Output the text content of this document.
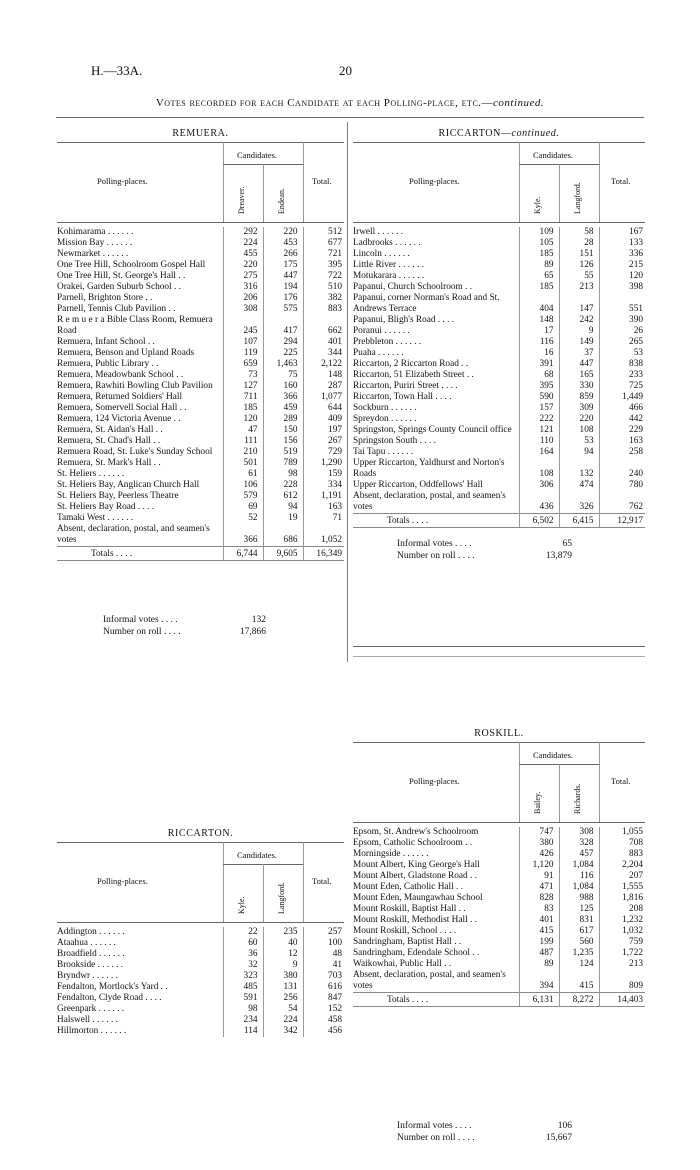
H.—33A.	20
Votes recorded for each Candidate at each Polling-place, etc.—continued.
REMUERA.
Polling-places.
Candidates.
Dreaver.	Endean.
Total.
Kohimarama . . . . . .	292	220	512
Mission Bay . . . . . .	224	453	677
Newmarket . . . . . .	455	266	721
One Tree Hill, Schoolroom Gospel Hall	220	175	395
One Tree Hill, St. George's Hall . .	275	447	722
Orakei, Garden Suburb School . .	316	194	510
Parnell, Brighton Store . .	206	176	382
Parnell, Tennis Club Pavilion . .	308	575	883
R e m u e r a Bible Class Room, Remuera Road	245	417	662
Remuera, Infant School . .	107	294	401
Remuera, Benson and Upland Roads	119	225	344
Remuera, Public Library . .	659	1,463	2,122
Remuera, Meadowbank School . .	73	75	148
Remuera, Rawhiti Bowling Club Pavilion	127	160	287
Remuera, Returned Soldiers' Hall	711	366	1,077
Remuera, Somervell Social Hall . .	185	459	644
Remuera, 124 Victoria Avenue . .	120	289	409
Remuera, St. Aidan's Hall . .	47	150	197
Remuera, St. Chad's Hall . .	111	156	267
Remuera Road, St. Luke's Sunday School	210	519	729
Remuera, St. Mark's Hall . .	501	789	1,290
St. Heliers . . . . . .	61	98	159
St. Heliers Bay, Anglican Church Hall	106	228	334
St. Heliers Bay, Peerless Theatre	579	612	1,191
St. Heliers Bay Road . . . .	69	94	163
Tamaki West . . . . . .	52	19	71
Absent, declaration, postal, and seamen's votes	366	686	1,052
Totals . . . .	6,744	9,605	16,349
Informal votes . . . .	132
Number on roll . . . .	17,866
RICCARTON—continued.
Polling-places.
Candidates.
Kyle.	Langford.
Total.
Irwell . . . . . .	109	58	167
Ladbrooks . . . . . .	105	28	133
Lincoln . . . . . .	185	151	336
Little River . . . . . .	89	126	215
Motukarara . . . . . .	65	55	120
Papanui, Church Schoolroom . .	185	213	398
Papanui, corner Norman's Road and St. Andrews Terrace	404	147	551
Papanui, Bligh's Road . . . .	148	242	390
Poranui . . . . . .	17	9	26
Prebbleton . . . . . .	116	149	265
Puaha . . . . . .	16	37	53
Riccarton, 2 Riccarton Road . .	391	447	838
Riccarton, 51 Elizabeth Street . .	68	165	233
Riccarton, Puriri Street . . . .	395	330	725
Riccarton, Town Hall . . . .	590	859	1,449
Sockburn . . . . . .	157	309	466
Spreydon . . . . . .	222	220	442
Springston, Springs County Council office	121	108	229
Springston South . . . .	110	53	163
Tai Tapu . . . . . .	164	94	258
Upper Riccarton, Yaldhurst and Norton's Roads	108	132	240
Upper Riccarton, Oddfellows' Hall	306	474	780
Absent, declaration, postal, and seamen's votes	436	326	762
Totals . . . .	6,502	6,415	12,917
Informal votes . . . .	65
Number on roll . . . .	13,879
RICCARTON.
Polling-places.
Candidates.
Kyle.	Langford.
Total.
Addington . . . . . .	22	235	257
Ataahua . . . . . .	60	40	100
Broadfield . . . . . .	36	12	48
Brookside . . . . . .	32	9	41
Bryndwr . . . . . .	323	380	703
Fendalton, Mortlock's Yard . .	485	131	616
Fendalton, Clyde Road . . . .	591	256	847
Greenpark . . . . . .	98	54	152
Halswell . . . . . .	234	224	458
Hillmorton . . . . . .	114	342	456
ROSKILL.
Polling-places.
Candidates.
Bailey.	Richards.
Total.
Epsom, St. Andrew's Schoolroom	747	308	1,055
Epsom, Catholic Schoolroom . .	380	328	708
Morningside . . . . . .	426	457	883
Mount Albert, King George's Hall	1,120	1,084	2,204
Mount Albert, Gladstone Road . .	91	116	207
Mount Eden, Catholic Hall . .	471	1,084	1,555
Mount Eden, Maungawhau School	828	988	1,816
Mount Roskill, Baptist Hall . .	83	125	208
Mount Roskill, Methodist Hall . .	401	831	1,232
Mount Roskill, School . . . .	415	617	1,032
Sandringham, Baptist Hall . .	199	560	759
Sandringham, Edendale School . .	487	1,235	1,722
Waikowhai, Public Hall . .	89	124	213
Absent, declaration, postal, and seamen's votes	394	415	809
Totals . . . .	6,131	8,272	14,403
Informal votes . . . .	106
Number on roll . . . .	15,667
